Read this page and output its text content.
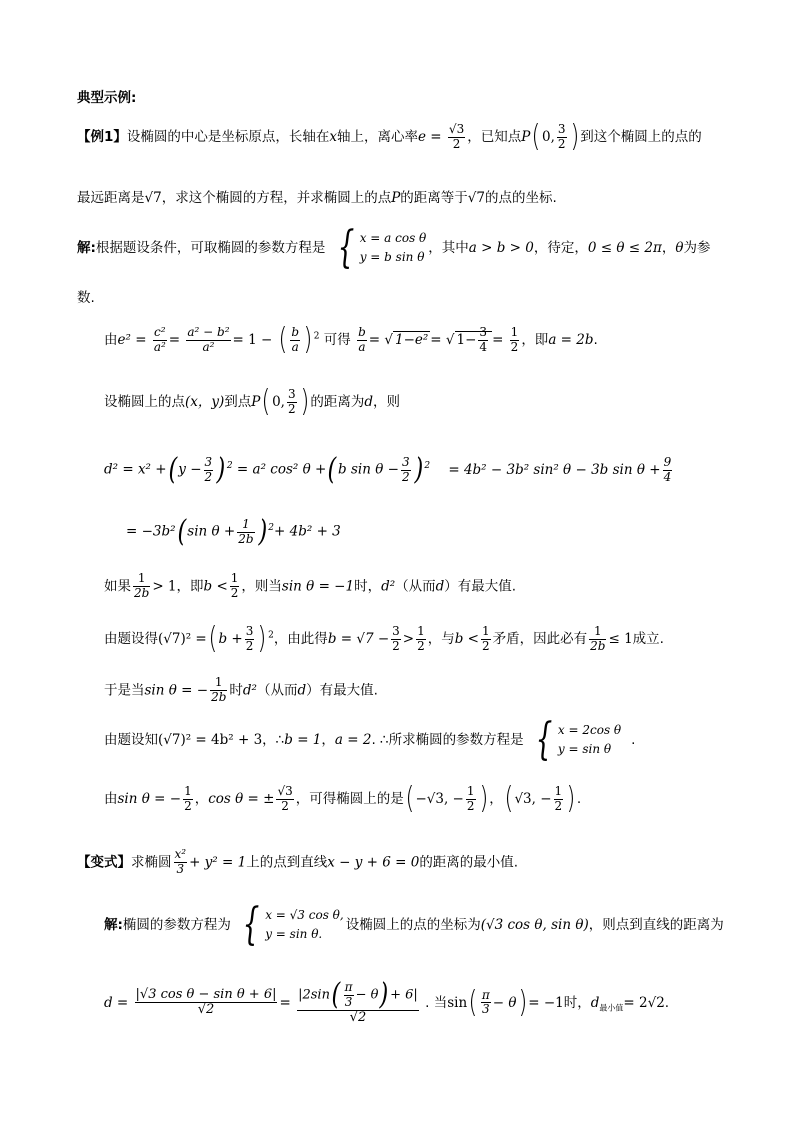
典型示例:
【例1】设椭圆的中心是坐标原点，长轴在x轴上，离心率$e = \frac{√3}{2}$ ，已知点P(0, $\frac{3}{2}$ )到这个椭圆上的点的
最远距离是√7，求这个椭圆的方程，并求椭圆上的点P的距离等于√7的点的坐标.
解:根据题设条件，可取椭圆的参数方程是 { x = a cos θ
y = b sin θ
，其中a > b > 0，待定，0 ≤ θ ≤ 2π，θ为参
数.
由$e^2 = \frac{\text{c²}}{\text{a²}} = \frac{\text{a² − b²}}{\text{a²}} = 1$ − ( $\frac{b}{a} )^2$ 可得 $\frac{b}{a}$ = √ 1−e² = √ $1- \frac{3}{4} = \frac{1}{2}$ ，即a = 2b.
设椭圆上的点(x，y)到点P(0, $\frac{3}{2}$ )的距离为d，则
$d^2 = x^2 +(y - \frac{3}{2} )^2 = a^2$ cos² θ +(b $\sin \theta - \frac{3}{2} )^2 = 4b^2 - 3b^2$ sin² θ − 3b $\sin \theta + \frac{9}{4}$
= −3b²(sin $\theta + \frac{1}{2b} )^2+ 4b^2 + 3$
如果 $\frac{1}{2b} > 1$，即$b < \frac{1}{2}$ ，则当sin θ = −1时，d²（从而d）有最大值.
由题设得$(√7)^2 =(b + \frac{3}{2} )^2$，由此得$b = √7 - \frac{3}{2} > \frac{1}{2}$ ，与$b < \frac{1}{2}$ 矛盾，因此必有 $\frac{1}{2b} \le 1$成立.
于是当sin θ = − $\frac{1}{2b}$ 时d²（从而d）有最大值.
由题设知(√7)² = 4b² + 3，∴b = 1，a = 2. ∴所求椭圆的参数方程是 { x = 2cos θ
y = sin θ
.
由sin θ = − $\frac{1}{2}$ ，cos θ = ± $\frac{√3}{2}$ ，可得椭圆上的是(−√3, − $\frac{1}{2}$ )，(√3, − $\frac{1}{2}$ ).
【变式】求椭圆 $\frac{\text{x²}}{3} + y^2 = 1$上的点到直线x − y + 6 = 0的距离的最小值.
解:椭圆的参数方程为 { x = √3 cos θ,
y = sin θ.
设椭圆上的点的坐标为(√3 cos θ, sin θ)，则点到直线的距离为
$d = \frac{\text{|√3 cos θ − sin θ + 6|}}{√2} = \frac{|2\sin( \frac{\pi}{3} - \theta)+ 6|}{√2}$ . 当$\sin( \frac{\pi}{3} - \theta)= -1$时，$d_{最小值}= 2√2$.
